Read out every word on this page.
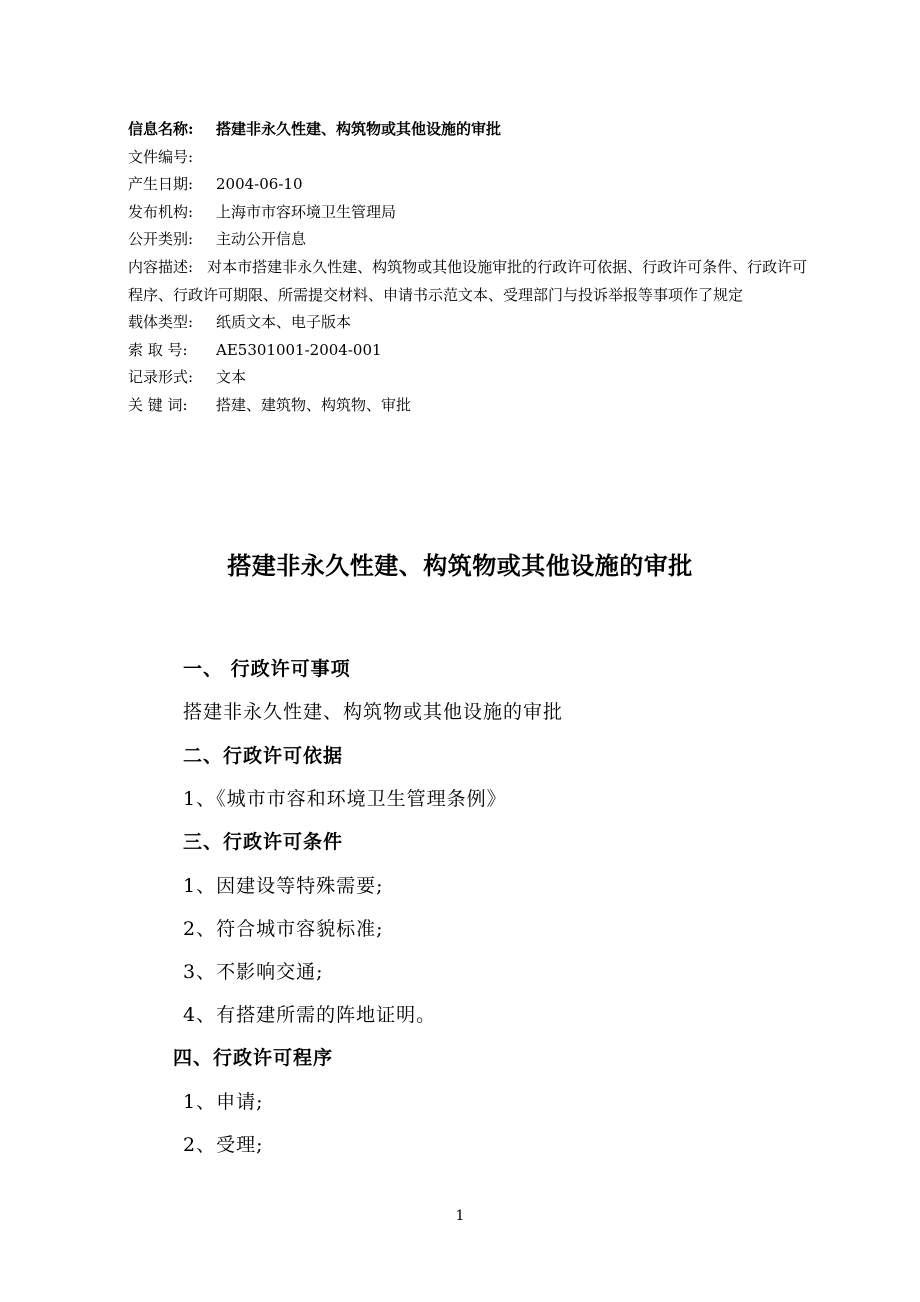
信息名称:	搭建非永久性建、构筑物或其他设施的审批
文件编号:
产生日期:	2004-06-10
发布机构:	上海市市容环境卫生管理局
公开类别:	主动公开信息
内容描述: 对本市搭建非永久性建、构筑物或其他设施审批的行政许可依据、行政许可条件、行政许可程序、行政许可期限、所需提交材料、申请书示范文本、受理部门与投诉举报等事项作了规定
载体类型:	纸质文本、电子版本
索 取 号:	AE5301001-2004-001
记录形式:	文本
关 键 词:	搭建、建筑物、构筑物、审批
搭建非永久性建、构筑物或其他设施的审批
一、 行政许可事项
搭建非永久性建、构筑物或其他设施的审批
二、行政许可依据
1、《城市市容和环境卫生管理条例》
三、行政许可条件
1、因建设等特殊需要;
2、符合城市容貌标准;
3、不影响交通;
4、有搭建所需的阵地证明。
四、行政许可程序
1、申请;
2、受理;
1
